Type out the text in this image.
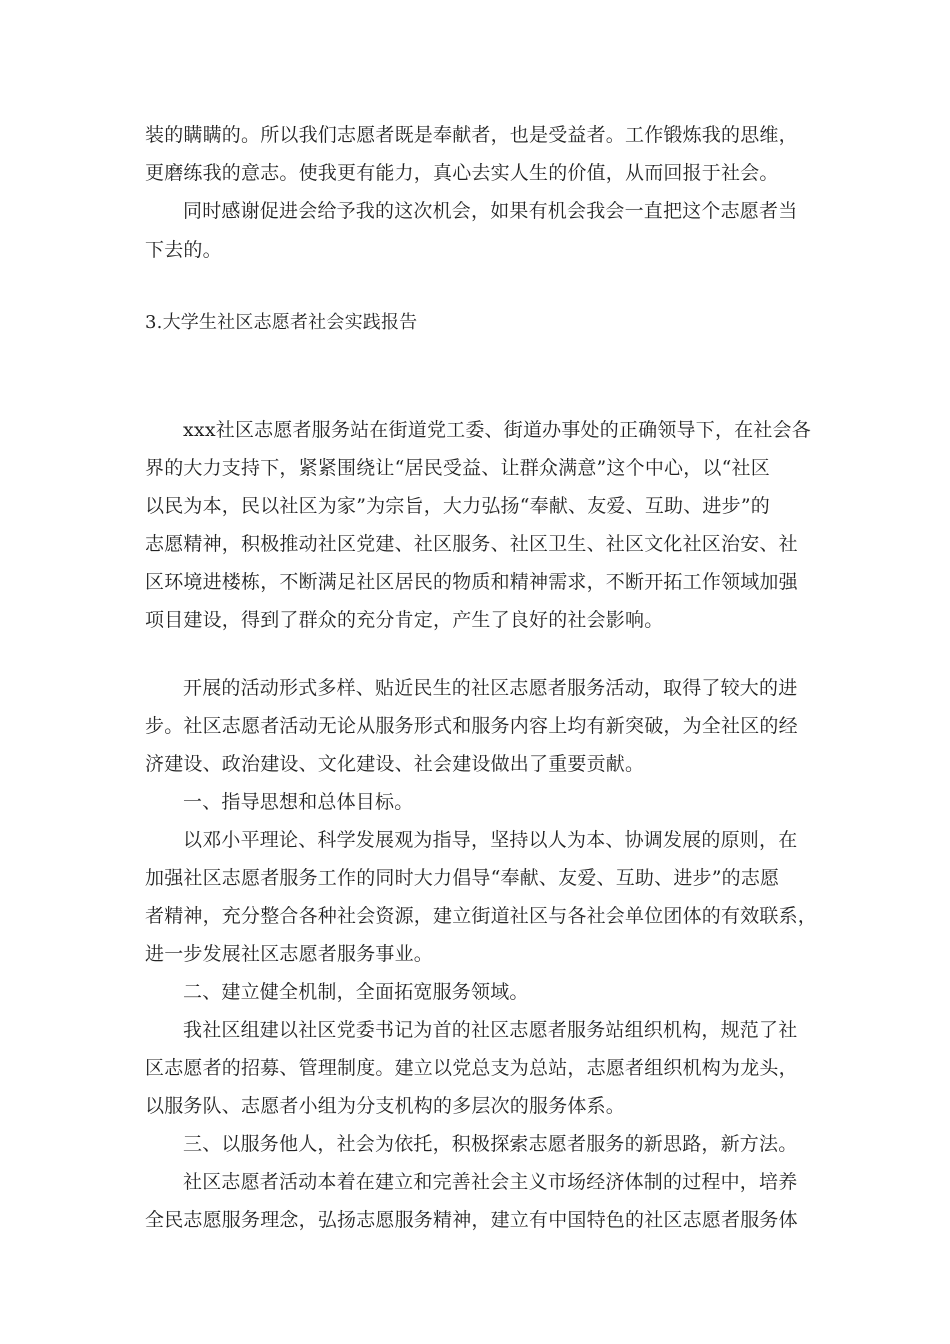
装的瞒瞒的。所以我们志愿者既是奉献者，也是受益者。工作锻炼我的思维，

更磨练我的意志。使我更有能力，真心去实人生的价值，从而回报于社会。

同时感谢促进会给予我的这次机会，如果有机会我会一直把这个志愿者当

下去的。

3.大学生社区志愿者社会实践报告

xxx社区志愿者服务站在街道党工委、街道办事处的正确领导下，在社会各

界的大力支持下，紧紧围绕让“居民受益、让群众满意”这个中心，以“社区

以民为本，民以社区为家”为宗旨，大力弘扬“奉献、友爱、互助、进步”的

志愿精神，积极推动社区党建、社区服务、社区卫生、社区文化社区治安、社

区环境进楼栋，不断满足社区居民的物质和精神需求，不断开拓工作领域加强

项目建设，得到了群众的充分肯定，产生了良好的社会影响。

开展的活动形式多样、贴近民生的社区志愿者服务活动，取得了较大的进

步。社区志愿者活动无论从服务形式和服务内容上均有新突破，为全社区的经

济建设、政治建设、文化建设、社会建设做出了重要贡献。

一、指导思想和总体目标。

以邓小平理论、科学发展观为指导，坚持以人为本、协调发展的原则，在

加强社区志愿者服务工作的同时大力倡导“奉献、友爱、互助、进步”的志愿

者精神，充分整合各种社会资源，建立街道社区与各社会单位团体的有效联系，

进一步发展社区志愿者服务事业。

二、建立健全机制，全面拓宽服务领域。

我社区组建以社区党委书记为首的社区志愿者服务站组织机构，规范了社

区志愿者的招募、管理制度。建立以党总支为总站，志愿者组织机构为龙头，

以服务队、志愿者小组为分支机构的多层次的服务体系。

三、以服务他人，社会为依托，积极探索志愿者服务的新思路，新方法。

社区志愿者活动本着在建立和完善社会主义市场经济体制的过程中，培养

全民志愿服务理念，弘扬志愿服务精神，建立有中国特色的社区志愿者服务体
